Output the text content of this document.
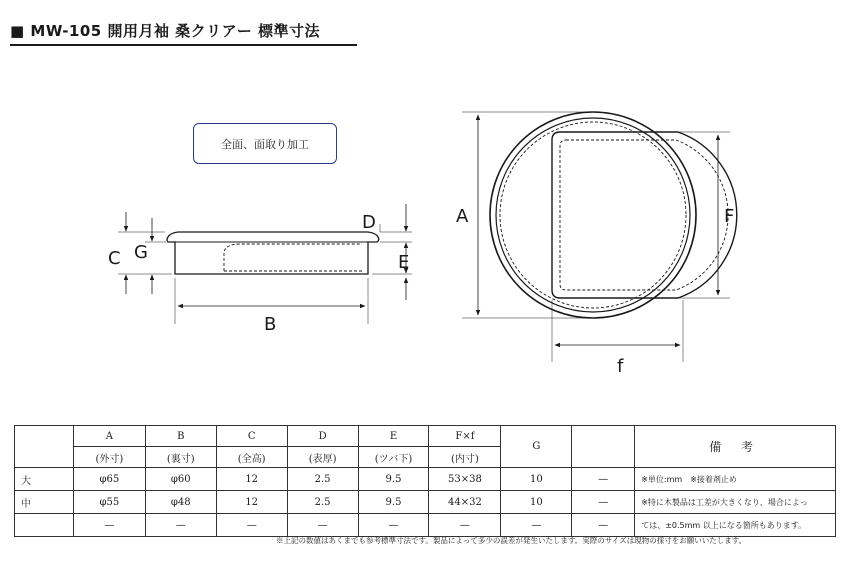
■ MW-105 開用月袖 桑クリアー 標準寸法
全面、面取り加工
C G
B
D
E
A	F
f
	A	B	C	D	E	F×f	G		備 考
	(外寸)	(裏寸)	(全高)	(表厚)	(ツバ下)	(内寸)			
大	φ65	φ60	12	2.5	9.5	53×38	10	—	※単位:mm　※接着剤止め
中	φ55	φ48	12	2.5	9.5	44×32	10	—	※特に木製品は工差が大きくなり、場合によっ
	—	—	—	—	—	—	—	—	ては、±0.5mm 以上になる箇所もあります。
※上記の数値はあくまでも参考標準寸法です。製品によって多少の誤差が発生いたします。実際のサイズは現物の採寸をお願いいたします。
